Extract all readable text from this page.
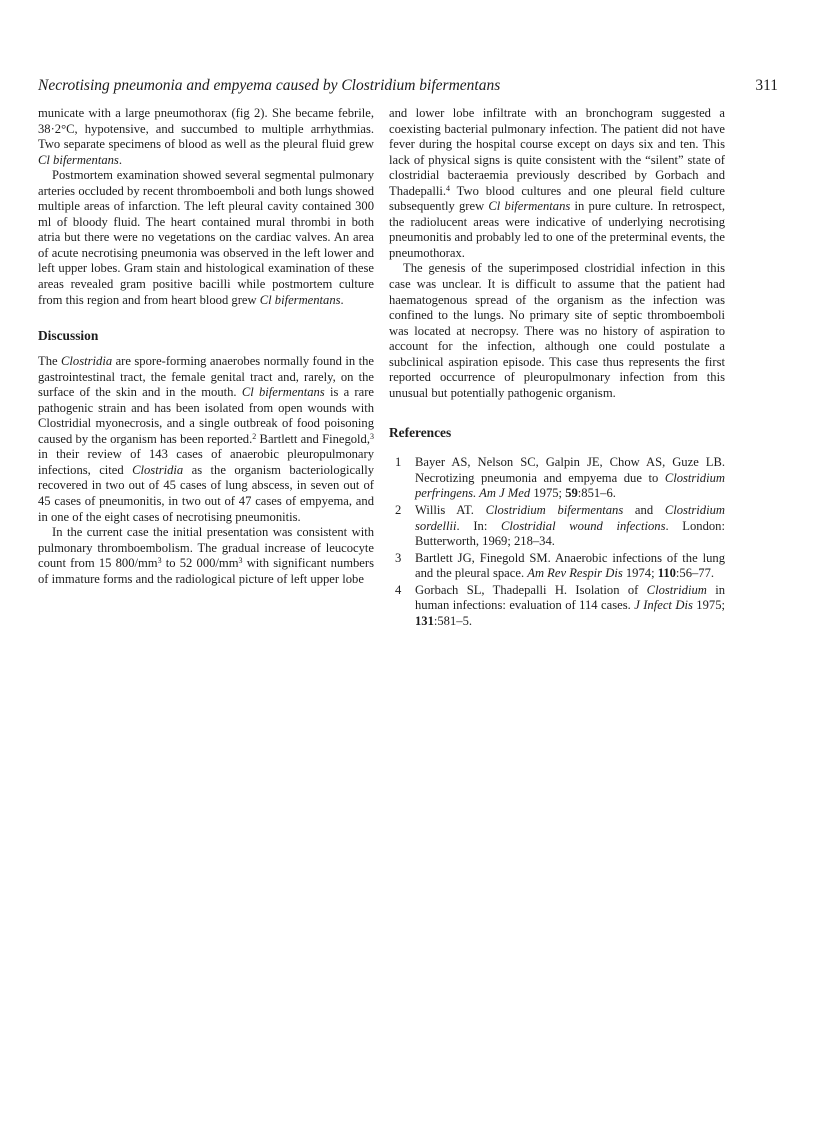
Necrotising pneumonia and empyema caused by Clostridium bifermentans	311

municate with a large pneumothorax (fig 2). She became febrile, 38·2°C, hypotensive, and succumbed to multiple arrhythmias. Two separate specimens of blood as well as the pleural fluid grew Cl bifermentans.

Postmortem examination showed several segmental pulmonary arteries occluded by recent thromboemboli and both lungs showed multiple areas of infarction. The left pleural cavity contained 300 ml of bloody fluid. The heart contained mural thrombi in both atria but there were no vegetations on the cardiac valves. An area of acute necrotising pneumonia was observed in the left lower and left upper lobes. Gram stain and histological examination of these areas revealed gram positive bacilli while postmortem culture from this region and from heart blood grew Cl bifermentans.

Discussion

The Clostridia are spore-forming anaerobes normally found in the gastrointestinal tract, the female genital tract and, rarely, on the surface of the skin and in the mouth. Cl bifermentans is a rare pathogenic strain and has been isolated from open wounds with Clostridial myonecrosis, and a single outbreak of food poisoning caused by the organism has been reported.$^2$ Bartlett and Finegold,$^3$ in their review of 143 cases of anaerobic pleuropulmonary infections, cited Clostridia as the organism bacteriologically recovered in two out of 45 cases of lung abscess, in seven out of 45 cases of pneumonitis, in two out of 47 cases of empyema, and in one of the eight cases of necrotising pneumonitis.

In the current case the initial presentation was consistent with pulmonary thromboembolism. The gradual increase of leucocyte count from 15 $800/mm^3$ to 52 $000/mm^3$ with significant numbers of immature forms and the radiological picture of left upper lobe

and lower lobe infiltrate with an bronchogram suggested a coexisting bacterial pulmonary infection. The patient did not have fever during the hospital course except on days six and ten. This lack of physical signs is quite consistent with the “silent” state of clostridial bacteraemia previously described by Gorbach and Thadepalli.$^4$ Two blood cultures and one pleural field culture subsequently grew Cl bifermentans in pure culture. In retrospect, the radiolucent areas were indicative of underlying necrotising pneumonitis and probably led to one of the preterminal events, the pneumothorax.

The genesis of the superimposed clostridial infection in this case was unclear. It is difficult to assume that the patient had haematogenous spread of the organism as the infection was confined to the lungs. No primary site of septic thromboemboli was located at necropsy. There was no history of aspiration to account for the infection, although one could postulate a subclinical aspiration episode. This case thus represents the first reported occurrence of pleuropulmonary infection from this unusual but potentially pathogenic organism.

References
1 Bayer AS, Nelson SC, Galpin JE, Chow AS, Guze LB. Necrotizing pneumonia and empyema due to Clostridium perfringens. Am J Med 1975; 59:851–6.
2 Willis AT. Clostridium bifermentans and Clostridium sordellii. In: Clostridial wound infections. London: Butterworth, 1969; 218–34.
3 Bartlett JG, Finegold SM. Anaerobic infections of the lung and the pleural space. Am Rev Respir Dis 1974; 110:56–77.
4 Gorbach SL, Thadepalli H. Isolation of Clostridium in human infections: evaluation of 114 cases. J Infect Dis 1975; 131:581–5.
